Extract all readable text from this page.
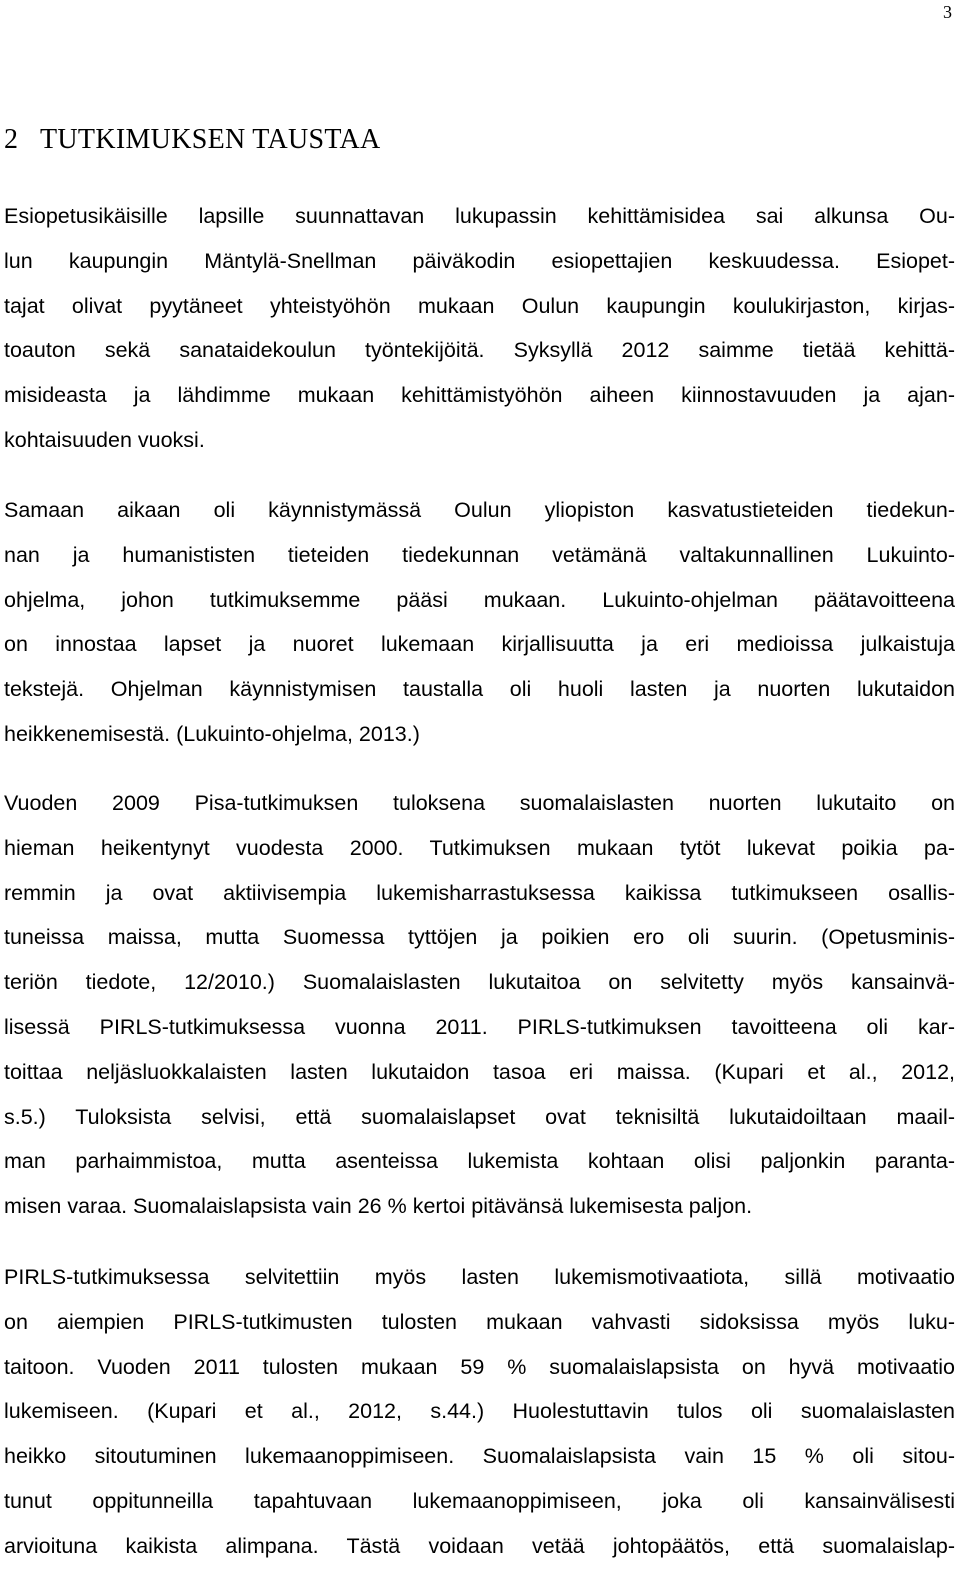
3
2 TUTKIMUKSEN TAUSTAA
Esiopetusikäisille lapsille suunnattavan lukupassin kehittämisidea sai alkunsa Ou-
lun kaupungin Mäntylä-Snellman päiväkodin esiopettajien keskuudessa. Esiopet-
tajat olivat pyytäneet yhteistyöhön mukaan Oulun kaupungin koulukirjaston, kirjas-
toauton sekä sanataidekoulun työntekijöitä. Syksyllä 2012 saimme tietää kehittä-
misideasta ja lähdimme mukaan kehittämistyöhön aiheen kiinnostavuuden ja ajan-
kohtaisuuden vuoksi.
Samaan aikaan oli käynnistymässä Oulun yliopiston kasvatustieteiden tiedekun-
nan ja humanististen tieteiden tiedekunnan vetämänä valtakunnallinen Lukuinto-
ohjelma, johon tutkimuksemme pääsi mukaan. Lukuinto-ohjelman päätavoitteena
on innostaa lapset ja nuoret lukemaan kirjallisuutta ja eri medioissa julkaistuja
tekstejä. Ohjelman käynnistymisen taustalla oli huoli lasten ja nuorten lukutaidon
heikkenemisestä. (Lukuinto-ohjelma, 2013.)
Vuoden 2009 Pisa-tutkimuksen tuloksena suomalaislasten nuorten lukutaito on
hieman heikentynyt vuodesta 2000. Tutkimuksen mukaan tytöt lukevat poikia pa-
remmin ja ovat aktiivisempia lukemisharrastuksessa kaikissa tutkimukseen osallis-
tuneissa maissa, mutta Suomessa tyttöjen ja poikien ero oli suurin. (Opetusminis-
teriön tiedote, 12/2010.) Suomalaislasten lukutaitoa on selvitetty myös kansainvä-
lisessä PIRLS-tutkimuksessa vuonna 2011. PIRLS-tutkimuksen tavoitteena oli kar-
toittaa neljäsluokkalaisten lasten lukutaidon tasoa eri maissa. (Kupari et al., 2012,
s.5.) Tuloksista selvisi, että suomalaislapset ovat teknisiltä lukutaidoiltaan maail-
man parhaimmistoa, mutta asenteissa lukemista kohtaan olisi paljonkin paranta-
misen varaa. Suomalaislapsista vain 26 % kertoi pitävänsä lukemisesta paljon.
PIRLS-tutkimuksessa selvitettiin myös lasten lukemismotivaatiota, sillä motivaatio
on aiempien PIRLS-tutkimusten tulosten mukaan vahvasti sidoksissa myös luku-
taitoon. Vuoden 2011 tulosten mukaan 59 % suomalaislapsista on hyvä motivaatio
lukemiseen. (Kupari et al., 2012, s.44.) Huolestuttavin tulos oli suomalaislasten
heikko sitoutuminen lukemaanoppimiseen. Suomalaislapsista vain 15 % oli sitou-
tunut oppitunneilla tapahtuvaan lukemaanoppimiseen, joka oli kansainvälisesti
arvioituna kaikista alimpana. Tästä voidaan vetää johtopäätös, että suomalaislap-
